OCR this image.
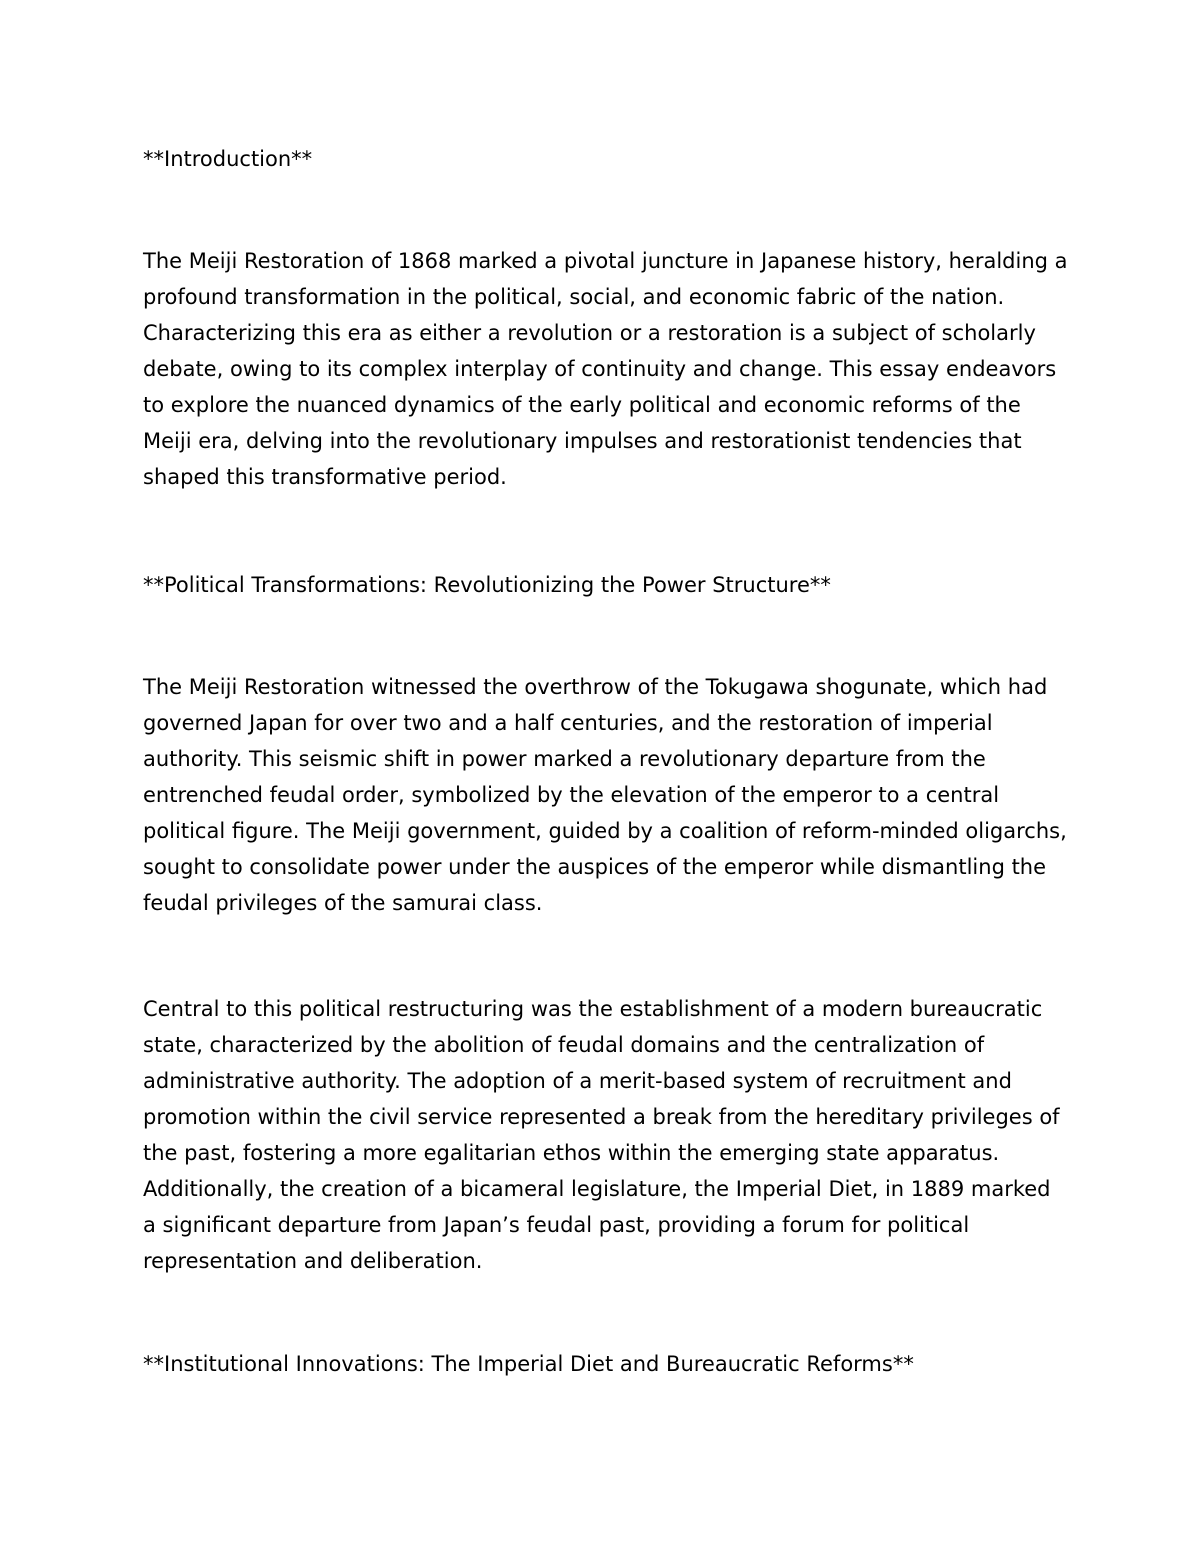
**Introduction**

The Meiji Restoration of 1868 marked a pivotal juncture in Japanese history, heralding a profound transformation in the political, social, and economic fabric of the nation. Characterizing this era as either a revolution or a restoration is a subject of scholarly debate, owing to its complex interplay of continuity and change. This essay endeavors to explore the nuanced dynamics of the early political and economic reforms of the Meiji era, delving into the revolutionary impulses and restorationist tendencies that shaped this transformative period.

**Political Transformations: Revolutionizing the Power Structure**

The Meiji Restoration witnessed the overthrow of the Tokugawa shogunate, which had governed Japan for over two and a half centuries, and the restoration of imperial authority. This seismic shift in power marked a revolutionary departure from the entrenched feudal order, symbolized by the elevation of the emperor to a central political figure. The Meiji government, guided by a coalition of reform-minded oligarchs, sought to consolidate power under the auspices of the emperor while dismantling the feudal privileges of the samurai class.

Central to this political restructuring was the establishment of a modern bureaucratic state, characterized by the abolition of feudal domains and the centralization of administrative authority. The adoption of a merit-based system of recruitment and promotion within the civil service represented a break from the hereditary privileges of the past, fostering a more egalitarian ethos within the emerging state apparatus. Additionally, the creation of a bicameral legislature, the Imperial Diet, in 1889 marked a significant departure from Japan’s feudal past, providing a forum for political representation and deliberation.

**Institutional Innovations: The Imperial Diet and Bureaucratic Reforms**
